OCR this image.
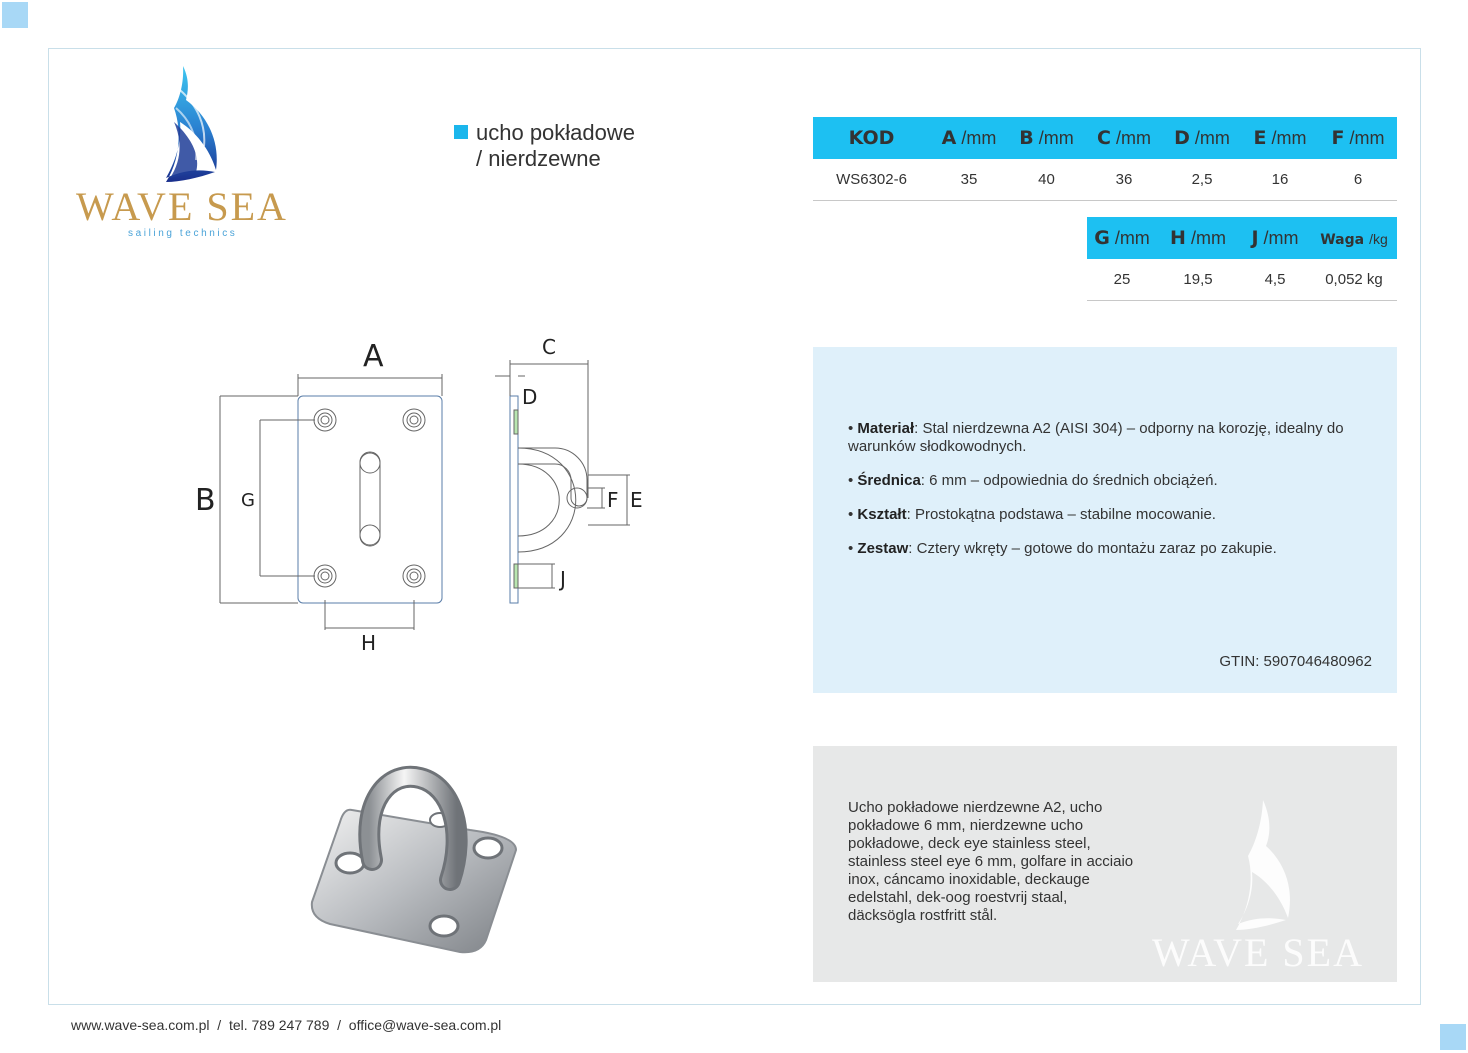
WAVE SEA
sailing technics
ucho pokładowe
/ nierdzewne
KOD	A /mm	B /mm	C /mm	D /mm	E /mm	F /mm
WS6302-6	35	40	36	2,5	16	6
G /mm	H /mm	J /mm	Waga /kg

25	19,5	4,5	0,052 kg
• Materiał: Stal nierdzewna A2 (AISI 304) – odporny na korozję, idealny do warunków słodkowodnych.
• Średnica: 6 mm – odpowiednia do średnich obciążeń.
• Kształt: Prostokątna podstawa – stabilne mocowanie.
• Zestaw: Cztery wkręty – gotowe do montażu zaraz po zakupie.
GTIN: 5907046480962

Ucho pokładowe nierdzewne A2, ucho pokładowe 6 mm, nierdzewne ucho pokładowe, deck eye stainless steel, stainless steel eye 6 mm, golfare in acciaio inox, cáncamo inoxidable, deckauge edelstahl, dek-oog roestvrij staal, däcksögla rostfritt stål.

WAVE SEA
A
B
C
D
E
F
G
H
J
www.wave-sea.com.pl  /  tel. 789 247 789  /  office@wave-sea.com.pl
